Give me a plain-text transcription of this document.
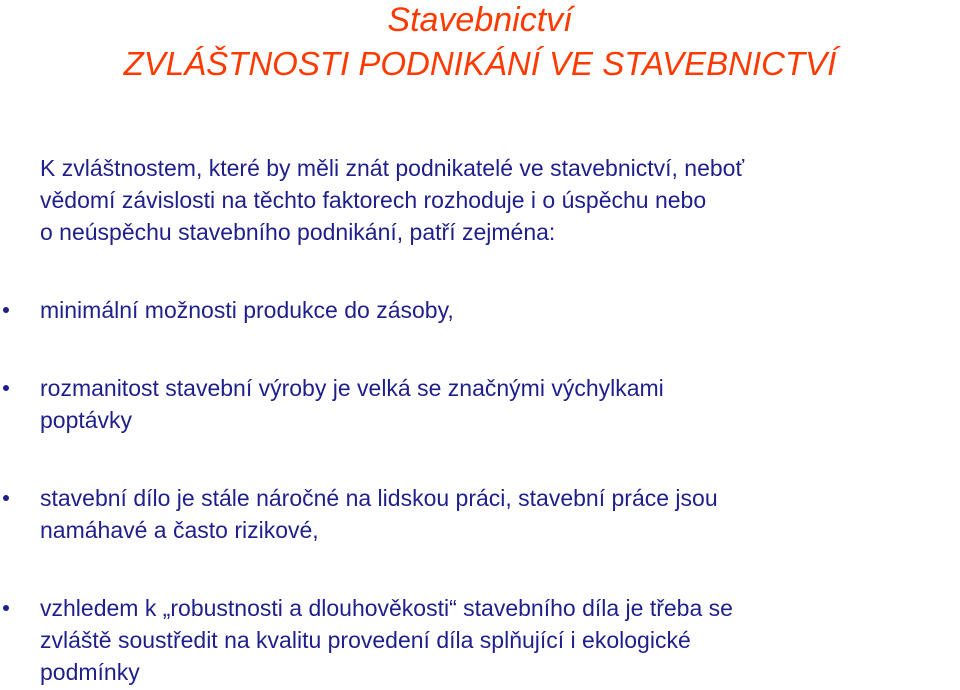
Stavebnictví
ZVLÁŠTNOSTI PODNIKÁNÍ VE STAVEBNICTVÍ
K zvláštnostem, které by měli znát podnikatelé ve stavebnictví, neboť
vědomí závislosti na těchto faktorech rozhoduje i o úspěchu nebo
o neúspěchu stavebního podnikání, patří zejména:
minimální možnosti produkce do zásoby,
rozmanitost stavební výroby je velká se značnými výchylkami
poptávky
stavební dílo je stále náročné na lidskou práci, stavební práce jsou
namáhavé a často rizikové,
vzhledem k „robustnosti a dlouhověkosti“ stavebního díla je třeba se
zvláště soustředit na kvalitu provedení díla splňující i ekologické
podmínky
